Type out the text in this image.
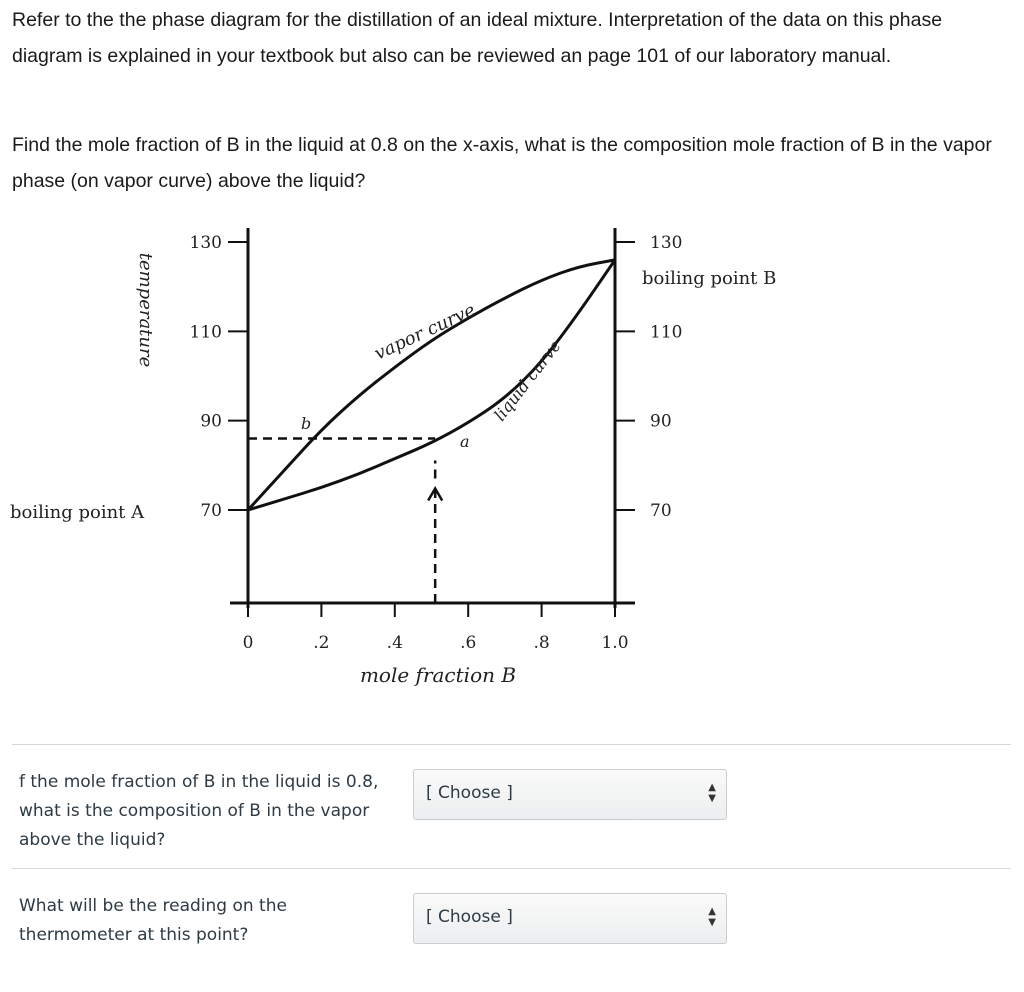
Refer to the the phase diagram for the distillation of an ideal mixture. Interpretation of the data on this phase diagram is explained in your textbook but also can be reviewed an page 101 of our laboratory manual.
Find the mole fraction of B in the liquid at 0.8 on the x-axis, what is the composition mole fraction of B in the vapor phase (on vapor curve) above the liquid?
temperature
0	.2	.4	.6	.8	1.0
130
110
90
70
130
110
90
70
boiling point A
boiling point B
vapor curve
liquid curve
b
a
mole fraction B
f the mole fraction of B in the liquid is 0.8, what is the composition of B in the vapor above the liquid?
[ Choose ]	▲
▼
What will be the reading on the thermometer at this point?
[ Choose ]	▲
▼
